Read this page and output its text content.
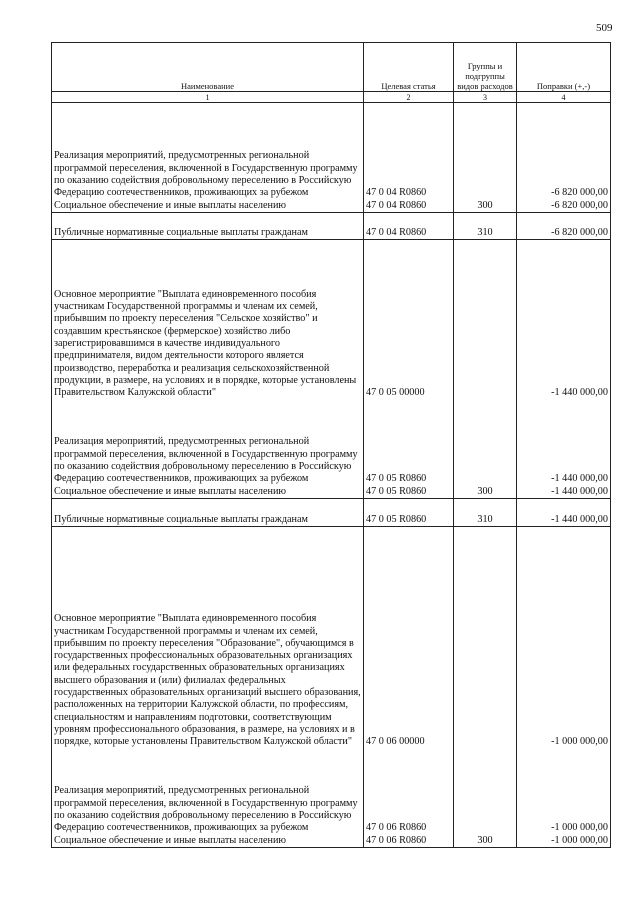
509
Наименование	Целевая статья	Группы и подгруппы видов расходов	Поправки (+,-)
1	2	3	4
Реализация мероприятий, предусмотренных региональной программой переселения, включенной в Государственную программу по оказанию содействия добровольному переселению в Российскую Федерацию соотечественников, проживающих за рубежом	47 0 04 R0860		-6 820 000,00
Социальное обеспечение и иные выплаты населению	47 0 04 R0860	300	-6 820 000,00
Публичные нормативные социальные выплаты гражданам	47 0 04 R0860	310	-6 820 000,00
Основное мероприятие "Выплата единовременного пособия участникам Государственной программы и членам их семей, прибывшим по проекту переселения "Сельское хозяйство" и создавшим крестьянское (фермерское) хозяйство либо зарегистрировавшимся в качестве индивидуального предпринимателя, видом деятельности которого является производство, переработка и реализация сельскохозяйственной продукции, в размере, на условиях и в порядке, которые установлены Правительством Калужской области"	47 0 05 00000		-1 440 000,00
Реализация мероприятий, предусмотренных региональной программой переселения, включенной в Государственную программу по оказанию содействия добровольному переселению в Российскую Федерацию соотечественников, проживающих за рубежом	47 0 05 R0860		-1 440 000,00
Социальное обеспечение и иные выплаты населению	47 0 05 R0860	300	-1 440 000,00
Публичные нормативные социальные выплаты гражданам	47 0 05 R0860	310	-1 440 000,00
Основное мероприятие "Выплата единовременного пособия участникам Государственной программы и членам их семей, прибывшим по проекту переселения "Образование", обучающимся в государственных профессиональных образовательных организациях или федеральных государственных образовательных организациях высшего образования и (или) филиалах федеральных государственных образовательных организаций высшего образования, расположенных на территории Калужской области, по профессиям, специальностям и направлениям подготовки, соответствующим уровням профессионального образования, в размере, на условиях и в порядке, которые установлены Правительством Калужской области"	47 0 06 00000		-1 000 000,00
Реализация мероприятий, предусмотренных региональной программой переселения, включенной в Государственную программу по оказанию содействия добровольному переселению в Российскую Федерацию соотечественников, проживающих за рубежом	47 0 06 R0860		-1 000 000,00
Социальное обеспечение и иные выплаты населению	47 0 06 R0860	300	-1 000 000,00
